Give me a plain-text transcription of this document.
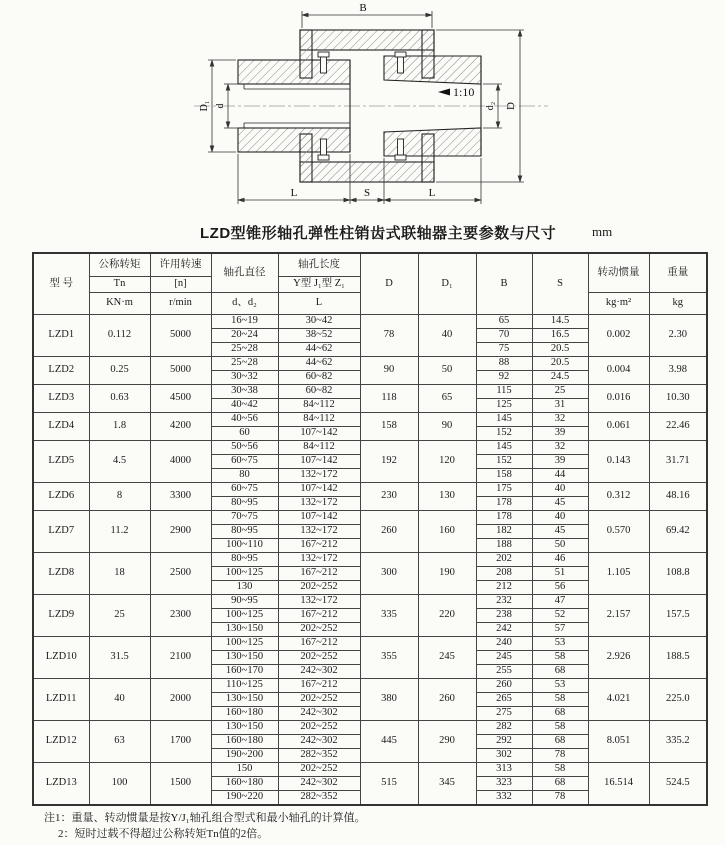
1:10
B
D
d₂
D₁ d
L	S	L
LZD型锥形轴孔弹性柱销齿式联轴器主要参数与尺寸	mm
型 号	公称转矩	许用转速	轴孔直径	轴孔长度	D	D₁	B	S	转动惯量	重量
	Tn	[n]		Y型 J₁型 Z₁						
	KN·m	r/min	d、d₂	L					kg·m²	kg
LZD1	0.112	5000	16~19	30~42	78	40	65	14.5	0.002	2.30
			20~24	38~52			70	16.5		
			25~28	44~62			75	20.5		
LZD2	0.25	5000	25~28	44~62	90	50	88	20.5	0.004	3.98
			30~32	60~82			92	24.5		
LZD3	0.63	4500	30~38	60~82	118	65	115	25	0.016	10.30
			40~42	84~112			125	31		
LZD4	1.8	4200	40~56	84~112	158	90	145	32	0.061	22.46
			60	107~142			152	39		
LZD5	4.5	4000	50~56	84~112	192	120	145	32	0.143	31.71
			60~75	107~142			152	39		
			80	132~172			158	44		
LZD6	8	3300	60~75	107~142	230	130	175	40	0.312	48.16
			80~95	132~172			178	45		
LZD7	11.2	2900	70~75	107~142	260	160	178	40	0.570	69.42
			80~95	132~172			182	45		
			100~110	167~212			188	50		
LZD8	18	2500	80~95	132~172	300	190	202	46	1.105	108.8
			100~125	167~212			208	51		
			130	202~252			212	56		
LZD9	25	2300	90~95	132~172	335	220	232	47	2.157	157.5
			100~125	167~212			238	52		
			130~150	202~252			242	57		
LZD10	31.5	2100	100~125	167~212	355	245	240	53	2.926	188.5
			130~150	202~252			245	58		
			160~170	242~302			255	68		
LZD11	40	2000	110~125	167~212	380	260	260	53	4.021	225.0
			130~150	202~252			265	58		
			160~180	242~302			275	68		
LZD12	63	1700	130~150	202~252	445	290	282	58	8.051	335.2
			160~180	242~302			292	68		
			190~200	282~352			302	78		
LZD13	100	1500	150	202~252	515	345	313	58	16.514	524.5
			160~180	242~302			323	68		
			190~220	282~352			332	78		
注1：重量、转动惯量是按Y/J₁轴孔组合型式和最小轴孔的计算值。
2：短时过载不得超过公称转矩Tn值的2倍。
